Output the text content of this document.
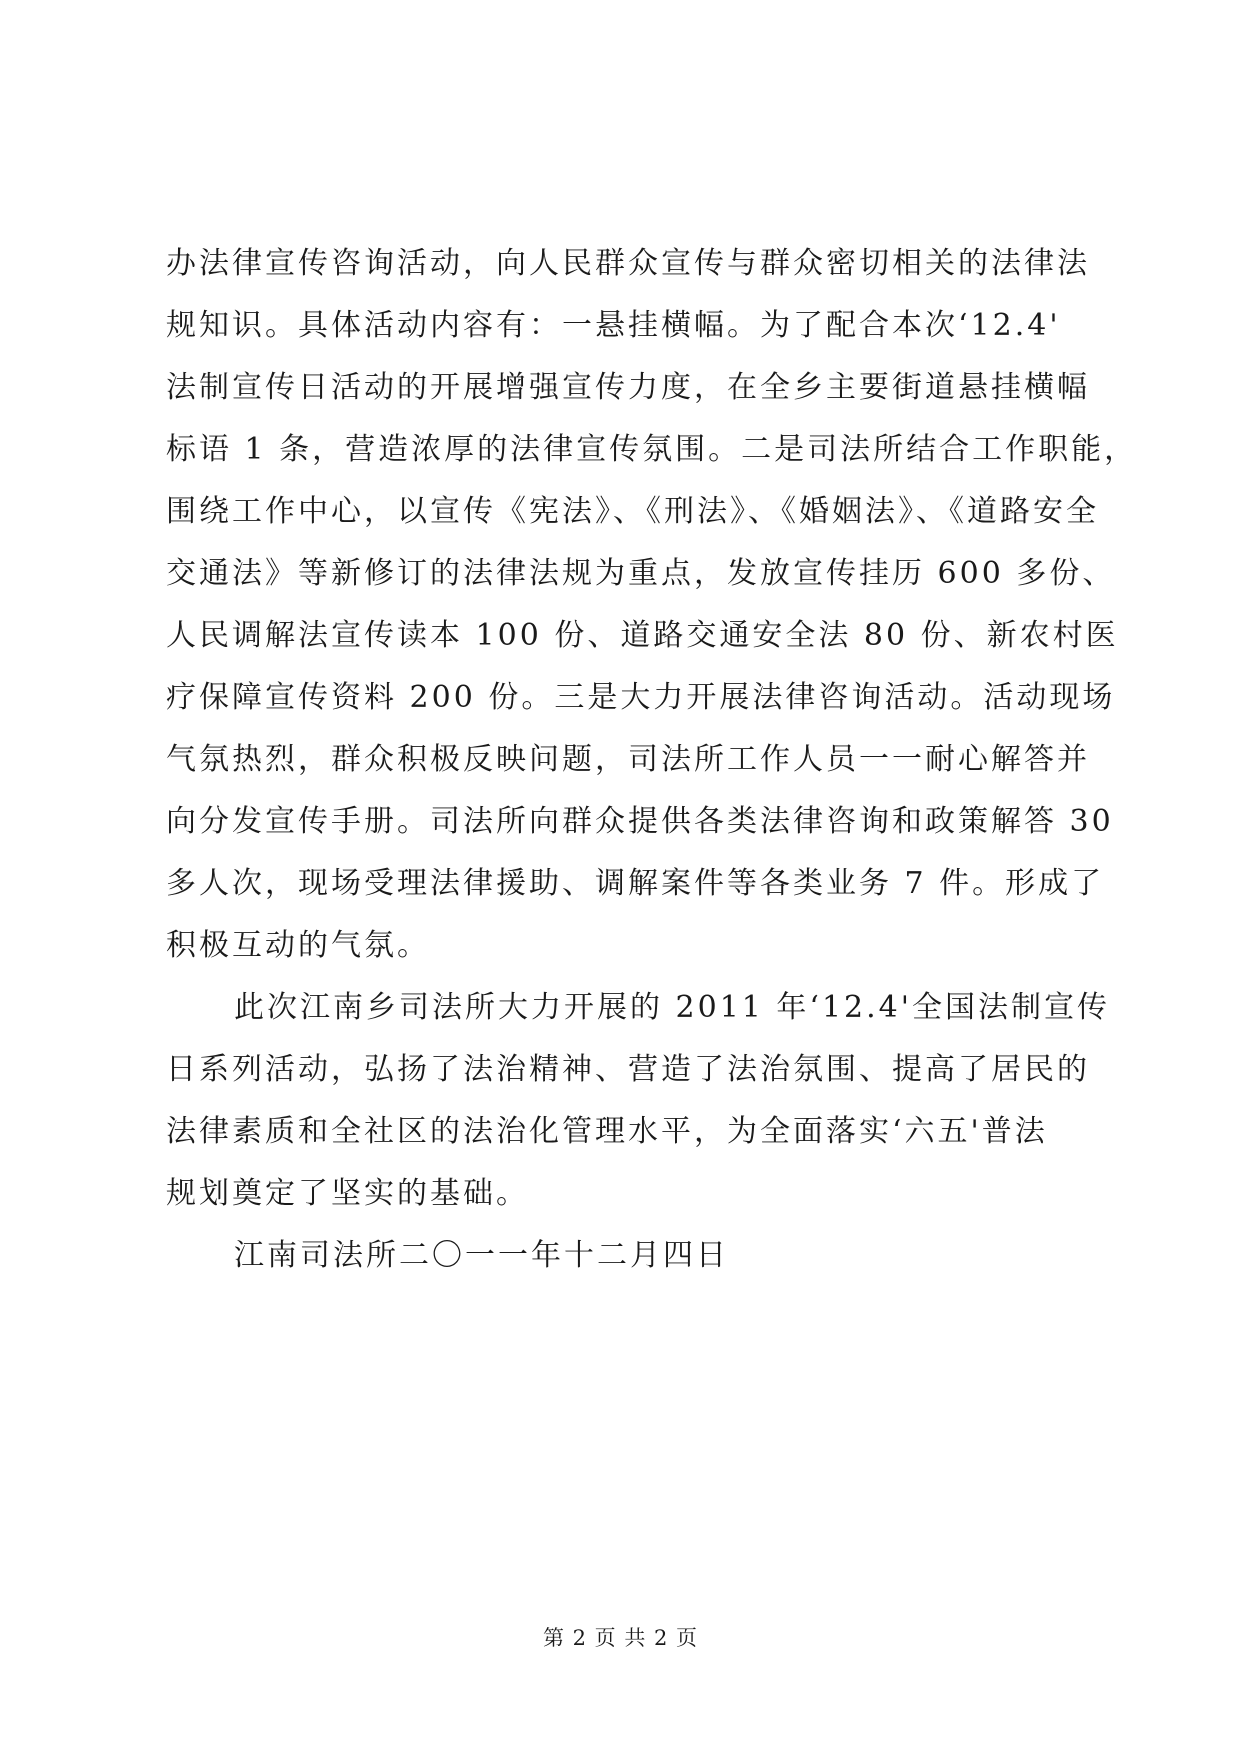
办法律宣传咨询活动，向人民群众宣传与群众密切相关的法律法
规知识。具体活动内容有：一悬挂横幅。为了配合本次‘12.4'
法制宣传日活动的开展增强宣传力度，在全乡主要街道悬挂横幅
标语 1 条，营造浓厚的法律宣传氛围。二是司法所结合工作职能，
围绕工作中心，以宣传《宪法》、《刑法》、《婚姻法》、《道路安全
交通法》等新修订的法律法规为重点，发放宣传挂历 600 多份、
人民调解法宣传读本 100 份、道路交通安全法 80 份、新农村医
疗保障宣传资料 200 份。三是大力开展法律咨询活动。活动现场
气氛热烈，群众积极反映问题，司法所工作人员一一耐心解答并
向分发宣传手册。司法所向群众提供各类法律咨询和政策解答 30
多人次，现场受理法律援助、调解案件等各类业务 7 件。形成了
积极互动的气氛。
此次江南乡司法所大力开展的 2011 年‘12.4'全国法制宣传
日系列活动，弘扬了法治精神、营造了法治氛围、提高了居民的
法律素质和全社区的法治化管理水平，为全面落实‘六五'普法
规划奠定了坚实的基础。
江南司法所二〇一一年十二月四日
第 2 页 共 2 页
